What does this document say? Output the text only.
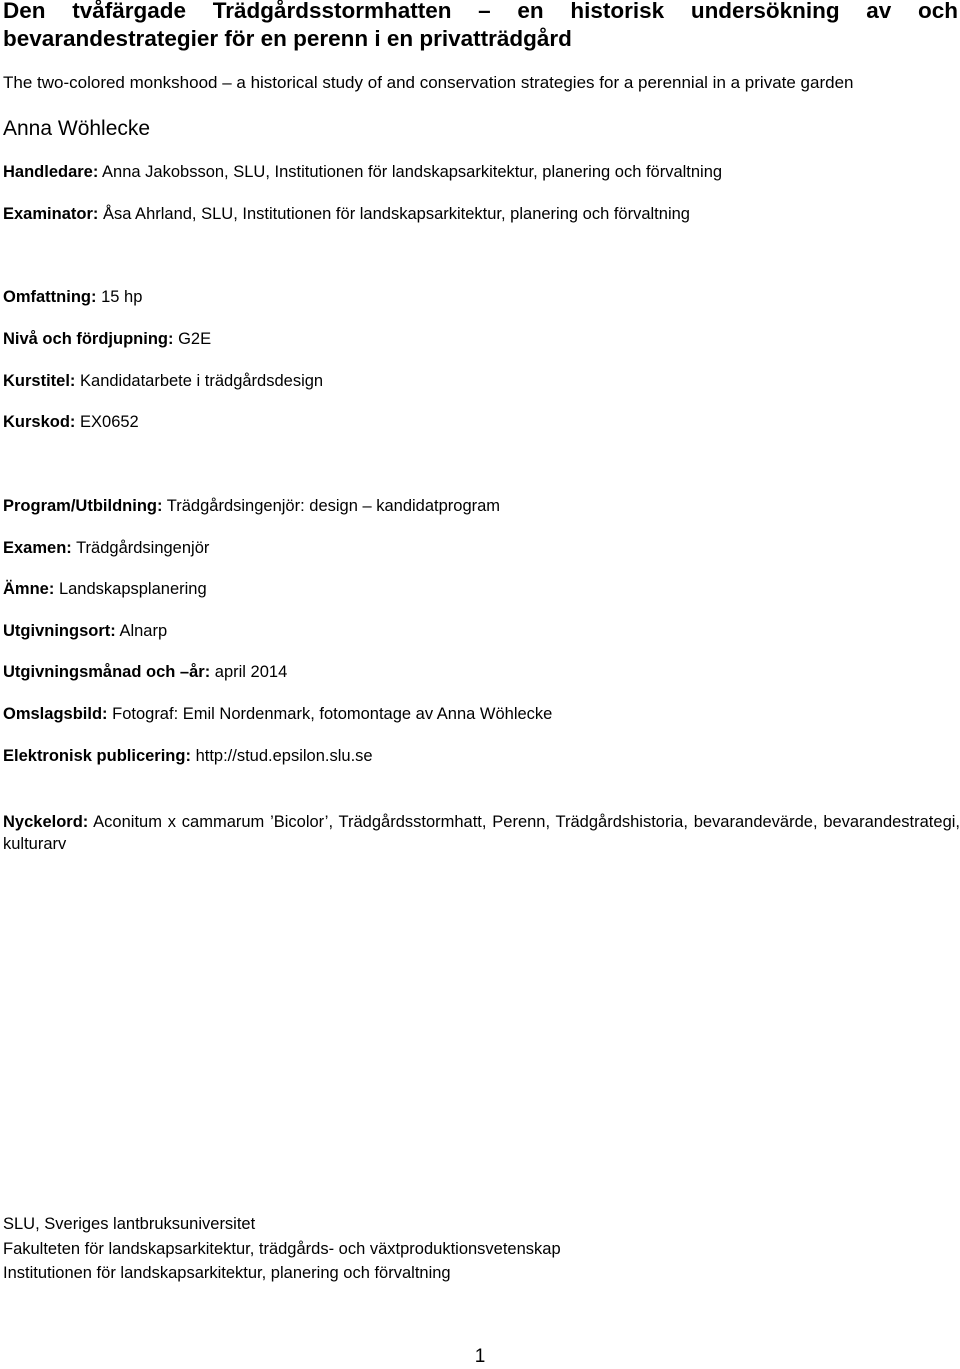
Den tvåfärgade Trädgårdsstormhatten – en historisk undersökning av och bevarandestrategier för en perenn i en privatträdgård
The two-colored monkshood – a historical study of and conservation strategies for a perennial in a private garden
Anna Wöhlecke
Handledare: Anna Jakobsson, SLU, Institutionen för landskapsarkitektur, planering och förvaltning
Examinator: Åsa Ahrland, SLU, Institutionen för landskapsarkitektur, planering och förvaltning
Omfattning: 15 hp
Nivå och fördjupning: G2E
Kurstitel: Kandidatarbete i trädgårdsdesign
Kurskod: EX0652
Program/Utbildning: Trädgårdsingenjör: design – kandidatprogram
Examen: Trädgårdsingenjör
Ämne: Landskapsplanering
Utgivningsort: Alnarp
Utgivningsmånad och –år: april 2014
Omslagsbild: Fotograf: Emil Nordenmark, fotomontage av Anna Wöhlecke
Elektronisk publicering: http://stud.epsilon.slu.se
Nyckelord: Aconitum x cammarum ’Bicolor’, Trädgårdsstormhatt, Perenn, Trädgårdshistoria, bevarandevärde, bevarandestrategi, kulturarv
SLU, Sveriges lantbruksuniversitet
Fakulteten för landskapsarkitektur, trädgårds- och växtproduktionsvetenskap
Institutionen för landskapsarkitektur, planering och förvaltning
1
